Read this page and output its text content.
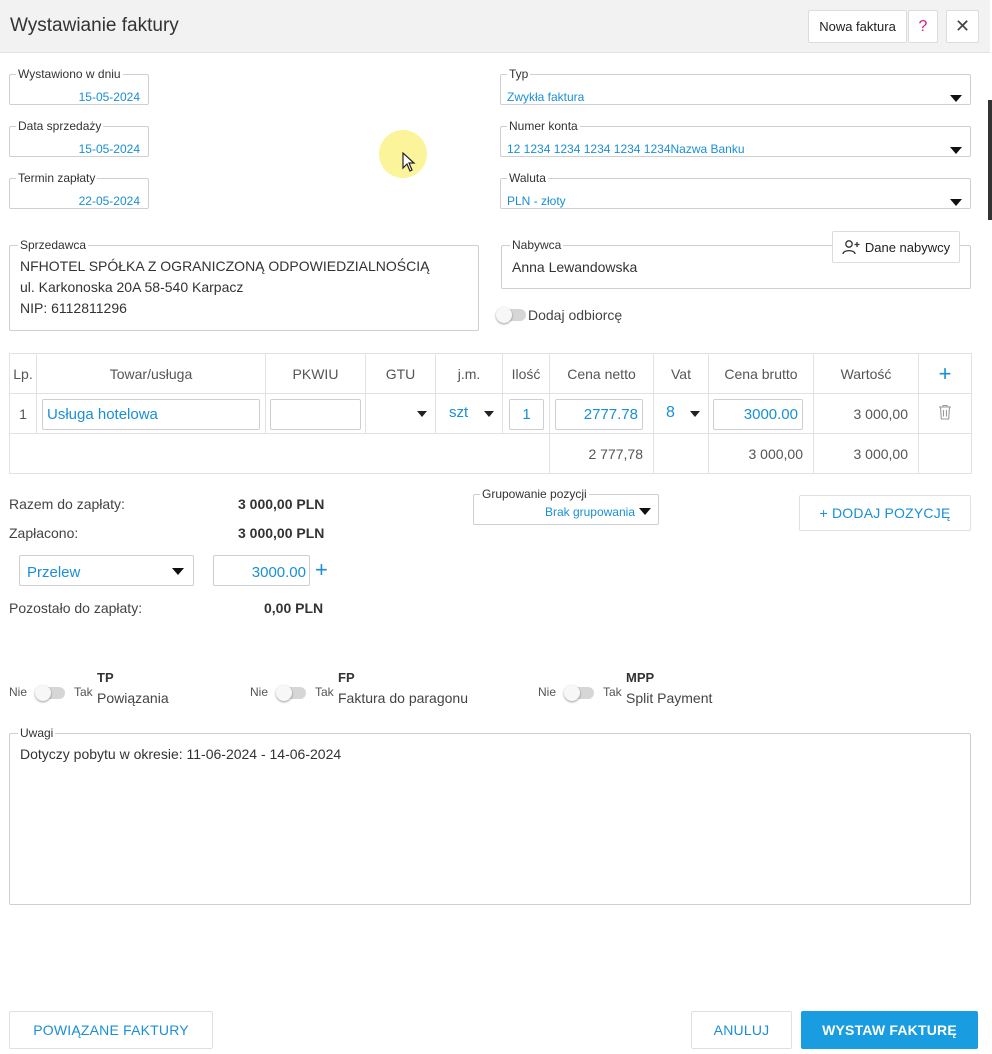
Wystawianie faktury	Nowa faktura	?	✕
Wystawiono w dniu
15-05-2024
Data sprzedaży
15-05-2024
Termin zapłaty
22-05-2024
Typ
Zwykła faktura
Numer konta
12 1234 1234 1234 1234 1234Nazwa Banku
Waluta
PLN - złoty
Sprzedawca
NFHOTEL SPÓŁKA Z OGRANICZONĄ ODPOWIEDZIALNOŚCIĄ
ul. Karkonoska 20A 58-540 Karpacz
NIP: 6112811296
Nabywca
Anna Lewandowska
Dane nabywcy
Dodaj odbiorcę
Lp.	Towar/usługa	PKWIU	GTU	j.m.	Ilość	Cena netto	Vat	Cena brutto	Wartość	+
1	Usługa hotelowa			szt	1	2777.78	8	3000.00	3 000,00	
						2 777,78		3 000,00	3 000,00	
Razem do zapłaty:	3 000,00 PLN
Zapłacono:	3 000,00 PLN
Przelew	3000.00 +
Pozostało do zapłaty:	0,00 PLN
Grupowanie pozycji
Brak grupowania	+ DODAJ POZYCJĘ
Nie	Tak
TP
Powiązania	Nie	Tak
FP
Faktura do paragonu	Nie	Tak
MPP
Split Payment
Uwagi
Dotyczy pobytu w okresie: 11-06-2024 - 14-06-2024
POWIĄZANE FAKTURY	ANULUJ	WYSTAW FAKTURĘ
